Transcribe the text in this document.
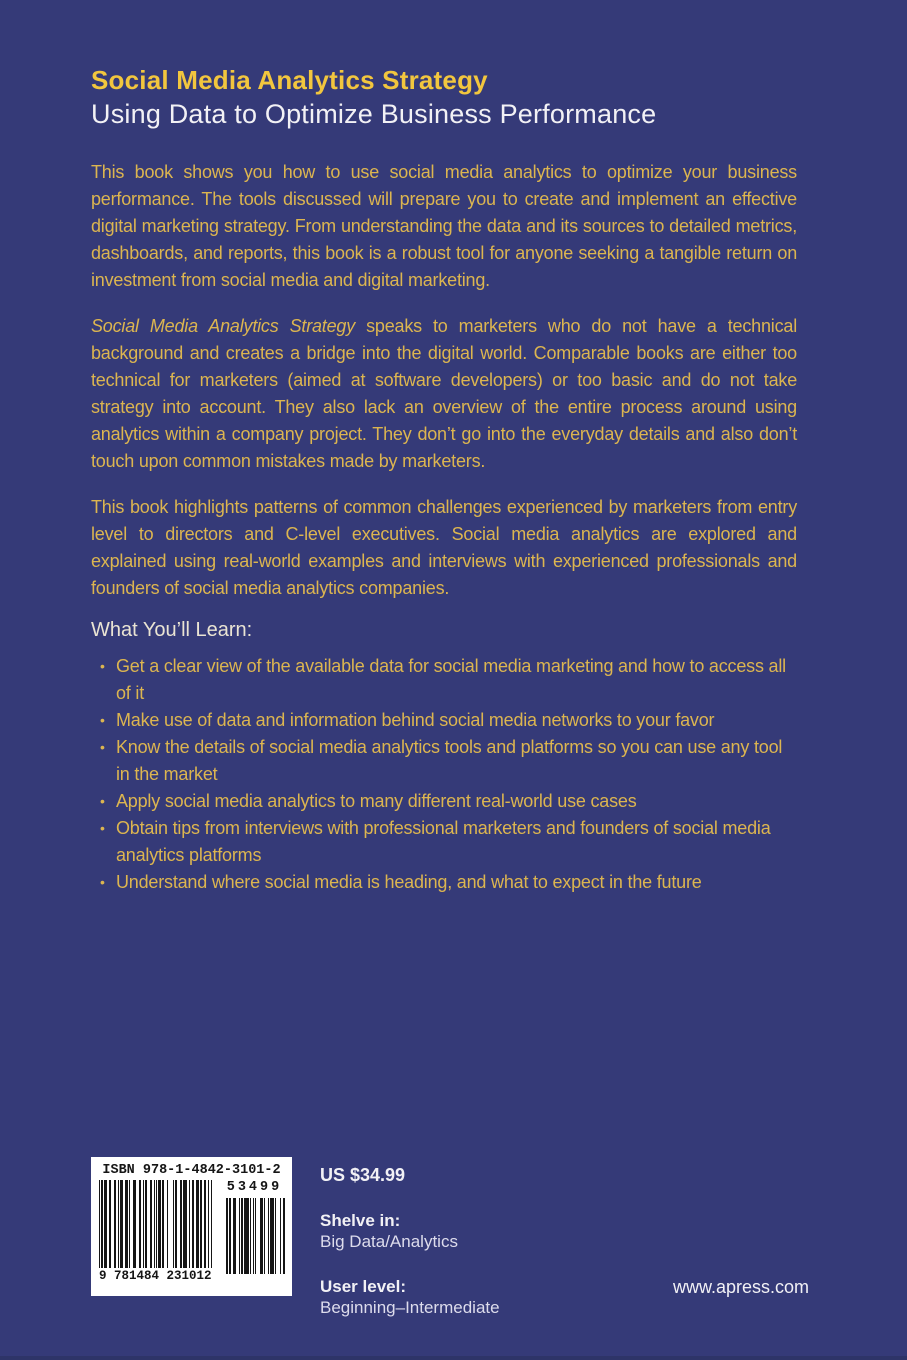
Social Media Analytics Strategy
Using Data to Optimize Business Performance

This book shows you how to use social media analytics to optimize your business performance. The tools discussed will prepare you to create and implement an effective digital marketing strategy. From understanding the data and its sources to detailed metrics, dashboards, and reports, this book is a robust tool for anyone seeking a tangible return on investment from social media and digital marketing.

Social Media Analytics Strategy speaks to marketers who do not have a technical background and creates a bridge into the digital world. Comparable books are either too technical for marketers (aimed at software developers) or too basic and do not take strategy into account. They also lack an overview of the entire process around using analytics within a company project. They don’t go into the everyday details and also don’t touch upon common mistakes made by marketers.

This book highlights patterns of common challenges experienced by marketers from entry level to directors and C-level executives. Social media analytics are explored and explained using real-world examples and interviews with experienced professionals and founders of social media analytics companies.

What You’ll Learn:

• Get a clear view of the available data for social media marketing and how to access all of it
• Make use of data and information behind social media networks to your favor
• Know the details of social media analytics tools and platforms so you can use any tool in the market
• Apply social media analytics to many different real-world use cases
• Obtain tips from interviews with professional marketers and founders of social media analytics platforms
• Understand where social media is heading, and what to expect in the future
ISBN 978-1-4842-3101-2
9 781484 231012
53499
US $34.99
Shelve in:
Big Data/Analytics
User level:
Beginning–Intermediate
www.apress.com
